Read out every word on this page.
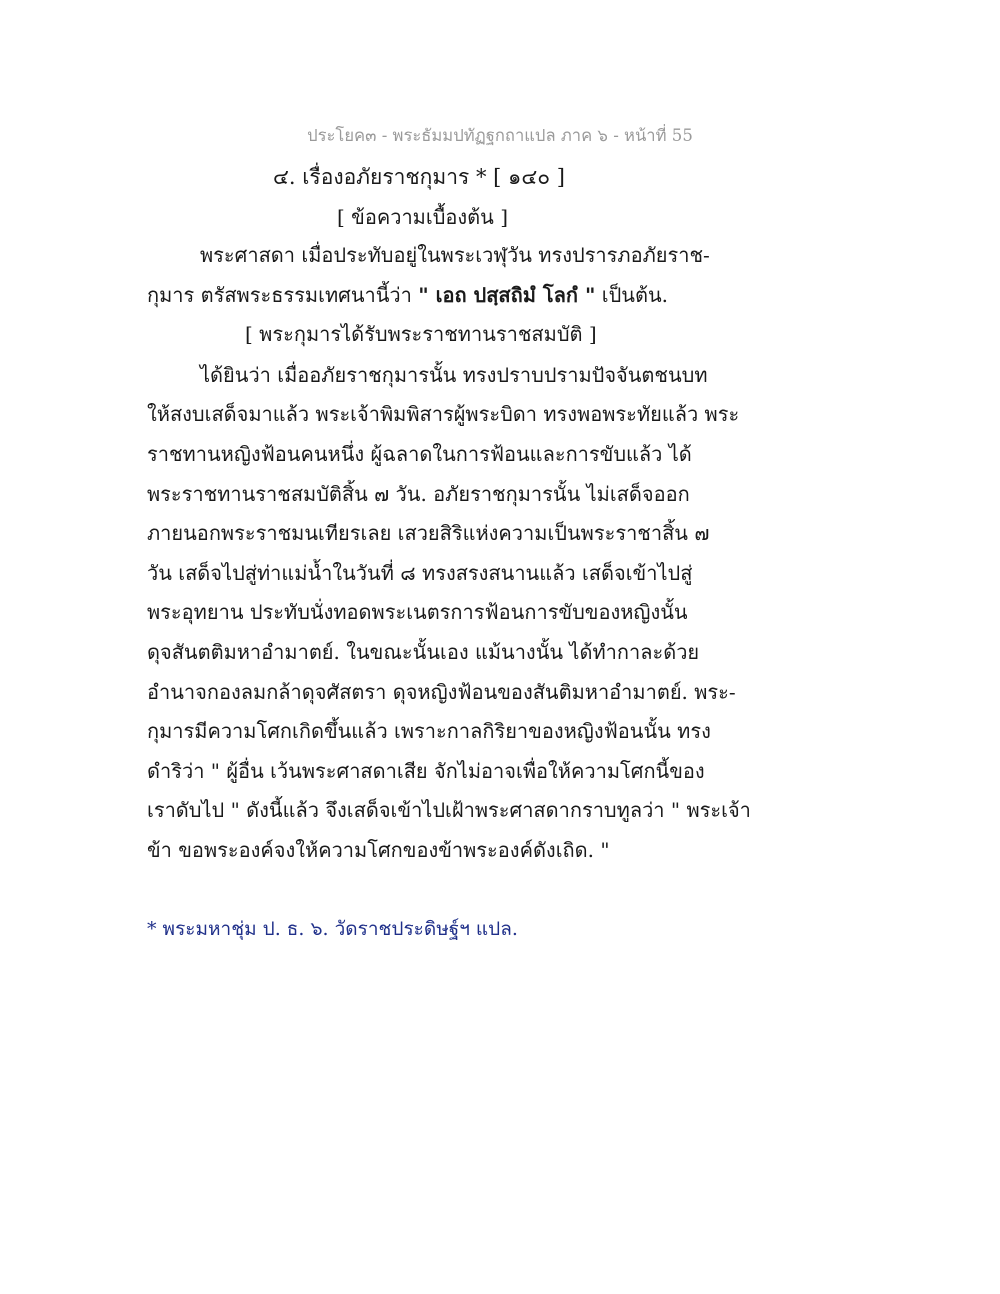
ประโยค๓ - พระธัมมปทัฏฐกถาแปล ภาค ๖ - หน้าที่ 55
๔. เรื่องอภัยราชกุมาร * [ ๑๔๐ ]
[ ข้อความเบื้องต้น ]
พระศาสดา เมื่อประทับอยู่ในพระเวฬุวัน ทรงปรารภอภัยราช-
กุมาร ตรัสพระธรรมเทศนานี้ว่า " เอถ ปสฺสถิมํ โลกํ " เป็นต้น.
[ พระกุมารได้รับพระราชทานราชสมบัติ ]
ได้ยินว่า เมื่ออภัยราชกุมารนั้น ทรงปราบปรามปัจจันตชนบท
ให้สงบเสด็จมาแล้ว พระเจ้าพิมพิสารผู้พระบิดา ทรงพอพระทัยแล้ว พระ
ราชทานหญิงฟ้อนคนหนึ่ง ผู้ฉลาดในการฟ้อนและการขับแล้ว ได้
พระราชทานราชสมบัติสิ้น ๗ วัน. อภัยราชกุมารนั้น ไม่เสด็จออก
ภายนอกพระราชมนเทียรเลย เสวยสิริแห่งความเป็นพระราชาสิ้น ๗
วัน เสด็จไปสู่ท่าแม่น้ำในวันที่ ๘ ทรงสรงสนานแล้ว เสด็จเข้าไปสู่
พระอุทยาน ประทับนั่งทอดพระเนตรการฟ้อนการขับของหญิงนั้น
ดุจสันตติมหาอำมาตย์. ในขณะนั้นเอง แม้นางนั้น ได้ทำกาละด้วย
อำนาจกองลมกล้าดุจศัสตรา ดุจหญิงฟ้อนของสันติมหาอำมาตย์. พระ-
กุมารมีความโศกเกิดขึ้นแล้ว เพราะกาลกิริยาของหญิงฟ้อนนั้น ทรง
ดำริว่า " ผู้อื่น เว้นพระศาสดาเสีย จักไม่อาจเพื่อให้ความโศกนี้ของ
เราดับไป " ดังนี้แล้ว จึงเสด็จเข้าไปเฝ้าพระศาสดากราบทูลว่า " พระเจ้า
ข้า ขอพระองค์จงให้ความโศกของข้าพระองค์ดังเถิด. "
* พระมหาชุ่ม ป. ธ. ๖. วัดราชประดิษฐ์ฯ แปล.
